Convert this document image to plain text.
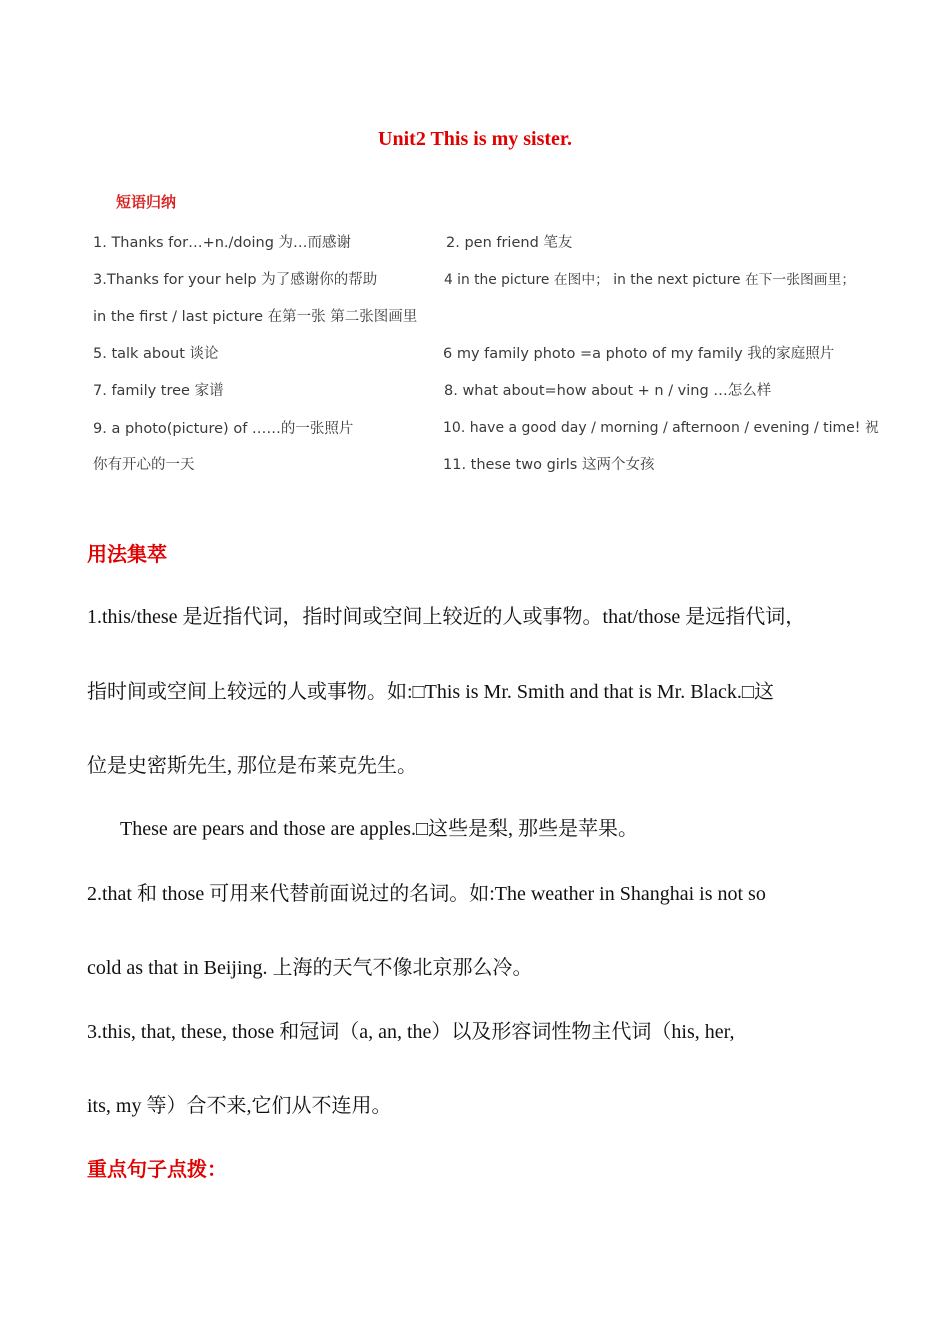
Unit2 This is my sister.
短语归纳
1. Thanks for…+n./doing 为…而感谢	2. pen friend 笔友
3.Thanks for your help 为了感谢你的帮助	4 in the picture 在图中； in the next picture 在下一张图画里；
in the first / last picture 在第一张 第二张图画里
5. talk about 谈论	6 my family photo =a photo of my family 我的家庭照片
7. family tree 家谱	8. what about=how about + n / ving …怎么样
9. a photo(picture) of ……的一张照片	10. have a good day / morning / afternoon / evening / time! 祝
你有开心的一天	11. these two girls 这两个女孩
用法集萃
1.this/these 是近指代词，指时间或空间上较近的人或事物。that/those 是远指代词，
指时间或空间上较远的人或事物。如:□This is Mr. Smith and that is Mr. Black.□这
位是史密斯先生, 那位是布莱克先生。
These are pears and those are apples.□这些是梨, 那些是苹果。
2.that 和 those 可用来代替前面说过的名词。如:The weather in Shanghai is not so
cold as that in Beijing. 上海的天气不像北京那么冷。
3.this, that, these, those 和冠词（a, an, the）以及形容词性物主代词（his, her,
its, my 等）合不来,它们从不连用。
重点句子点拨：
